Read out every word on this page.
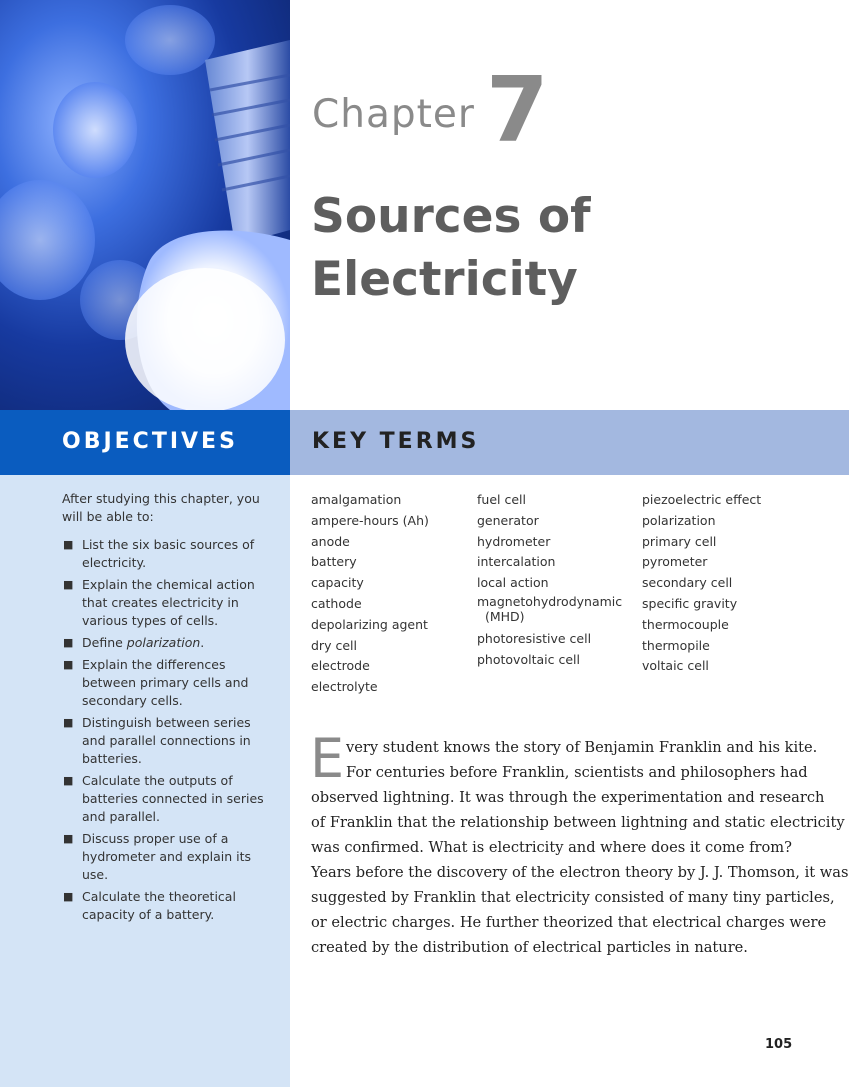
Chapter 7
Sources of
Electricity
OBJECTIVES	KEY TERMS
After studying this chapter, you will be able to:
■ List the six basic sources of electricity.
■ Explain the chemical action that creates electricity in various types of cells.
■ Define polarization.
■ Explain the differences between primary cells and secondary cells.
■ Distinguish between series and parallel connections in batteries.
■ Calculate the outputs of batteries connected in series and parallel.
■ Discuss proper use of a hydrometer and explain its use.
■ Calculate the theoretical capacity of a battery.
amalgamation
ampere-hours (Ah)
anode
battery
capacity
cathode
depolarizing agent
dry cell
electrode
electrolyte
fuel cell
generator
hydrometer
intercalation
local action
magnetohydrodynamic
(MHD)
photoresistive cell
photovoltaic cell
piezoelectric effect
polarization
primary cell
pyrometer
secondary cell
specific gravity
thermocouple
thermopile
voltaic cell
E very student knows the story of Benjamin Franklin and his kite.
For centuries before Franklin, scientists and philosophers had
observed lightning. It was through the experimentation and research
of Franklin that the relationship between lightning and static electricity
was confirmed. What is electricity and where does it come from?
Years before the discovery of the electron theory by J. J. Thomson, it was
suggested by Franklin that electricity consisted of many tiny particles,
or electric charges. He further theorized that electrical charges were
created by the distribution of electrical particles in nature.

105
